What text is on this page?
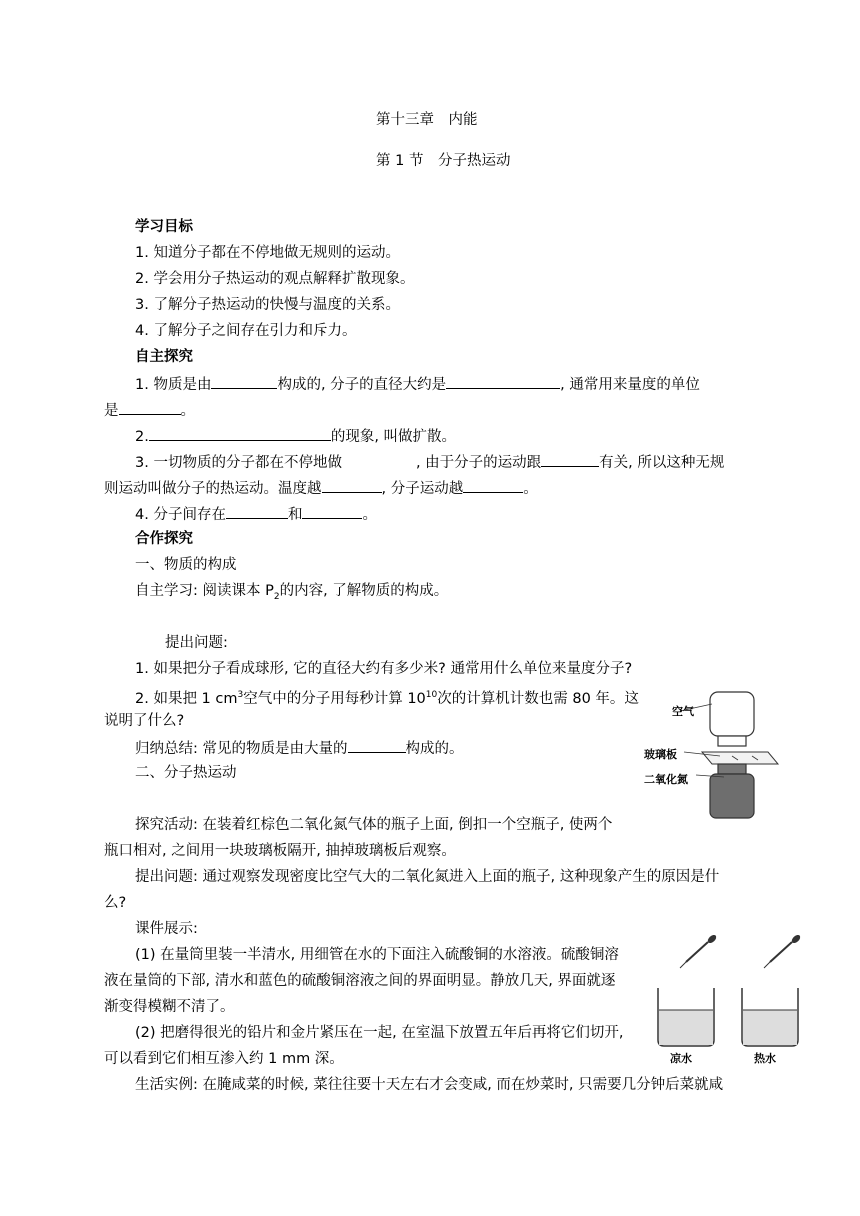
第十三章　内能
第 1 节　分子热运动
学习目标
1. 知道分子都在不停地做无规则的运动。
2. 学会用分子热运动的观点解释扩散现象。
3. 了解分子热运动的快慢与温度的关系。
4. 了解分子之间存在引力和斥力。
自主探究
1. 物质是由	构成的, 分子的直径大约是	, 通常用来量度的单位
是	。
2.	的现象, 叫做扩散。
3. 一切物质的分子都在不停地做	, 由于分子的运动跟	有关, 所以这种无规
则运动叫做分子的热运动。温度越	, 分子运动越	。
4. 分子间存在	和	。
合作探究
一、物质的构成
自主学习: 阅读课本 $P_2$的内容, 了解物质的构成。
提出问题:
1. 如果把分子看成球形, 它的直径大约有多少米? 通常用什么单位来量度分子?
2. 如果把 1 $cm^3$空气中的分子用每秒计算 $10^{10}$次的计算机计数也需 80 年。这
说明了什么?
归纳总结: 常见的物质是由大量的	构成的。
二、分子热运动
探究活动: 在装着红棕色二氧化氮气体的瓶子上面, 倒扣一个空瓶子, 使两个
瓶口相对, 之间用一块玻璃板隔开, 抽掉玻璃板后观察。
提出问题: 通过观察发现密度比空气大的二氧化氮进入上面的瓶子, 这种现象产生的原因是什
么?
课件展示:
(1) 在量筒里装一半清水, 用细管在水的下面注入硫酸铜的水溶液。硫酸铜溶
液在量筒的下部, 清水和蓝色的硫酸铜溶液之间的界面明显。静放几天, 界面就逐
渐变得模糊不清了。
(2) 把磨得很光的铅片和金片紧压在一起, 在室温下放置五年后再将它们切开,
可以看到它们相互渗入约 1 mm 深。
生活实例: 在腌咸菜的时候, 菜往往要十天左右才会变咸, 而在炒菜时, 只需要几分钟后菜就咸
空气
玻璃板
二氧化氮
凉水	热水
